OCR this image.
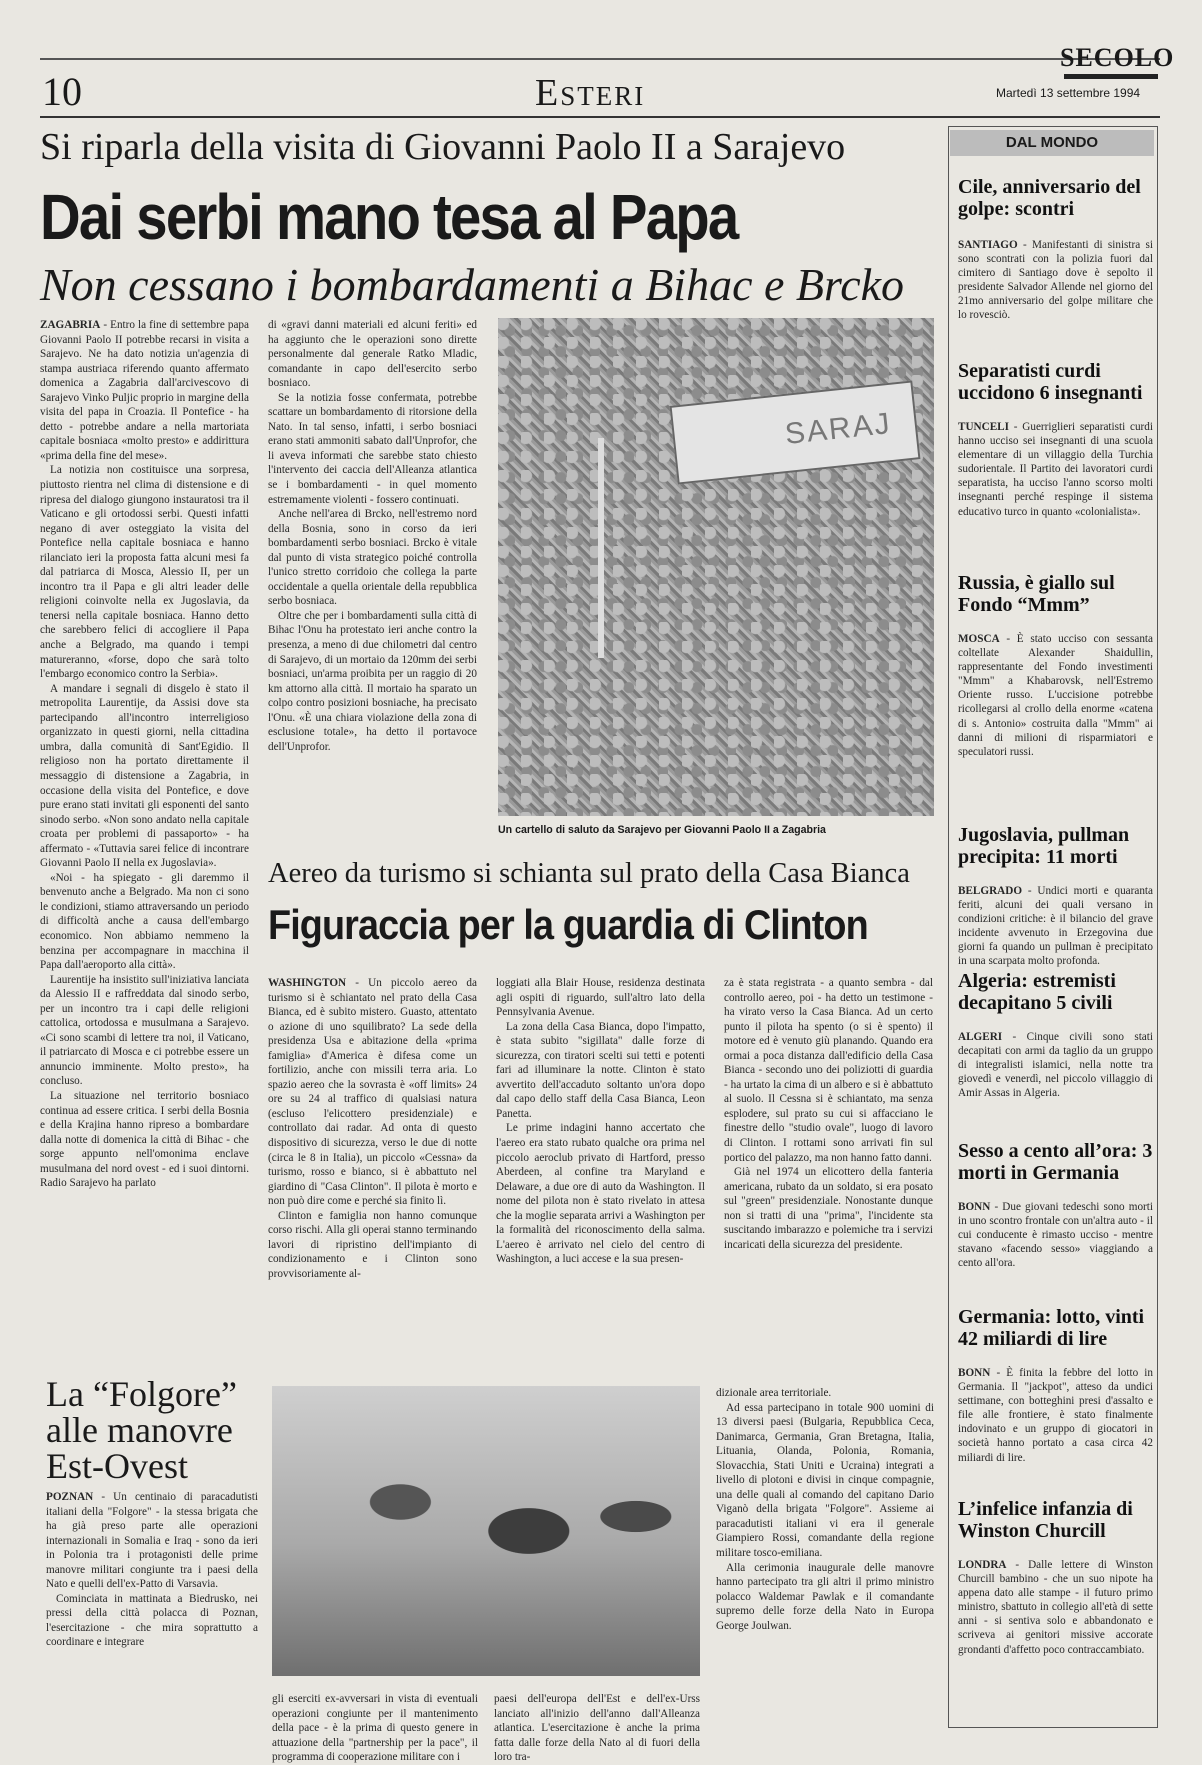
10	Esteri
SECOLO
Martedì 13 settembre 1994
Si riparla della visita di Giovanni Paolo II a Sarajevo
Dai serbi mano tesa al Papa
Non cessano i bombardamenti a Bihac e Brcko

ZAGABRIA - Entro la fine di settembre papa Giovanni Paolo II potrebbe recarsi in visita a Sarajevo. Ne ha dato notizia un'agenzia di stampa austriaca riferendo quanto affermato domenica a Zagabria dall'arcivescovo di Sarajevo Vinko Puljic proprio in margine della visita del papa in Croazia. Il Pontefice - ha detto - potrebbe andare a nella martoriata capitale bosniaca «molto presto» e addirittura «prima della fine del mese».

La notizia non costituisce una sorpresa, piuttosto rientra nel clima di distensione e di ripresa del dialogo giungono instauratosi tra il Vaticano e gli ortodossi serbi. Questi infatti negano di aver osteggiato la visita del Pontefice nella capitale bosniaca e hanno rilanciato ieri la proposta fatta alcuni mesi fa dal patriarca di Mosca, Alessio II, per un incontro tra il Papa e gli altri leader delle religioni coinvolte nella ex Jugoslavia, da tenersi nella capitale bosniaca. Hanno detto che sarebbero felici di accogliere il Papa anche a Belgrado, ma quando i tempi matureranno, «forse, dopo che sarà tolto l'embargo economico contro la Serbia».

A mandare i segnali di disgelo è stato il metropolita Laurentije, da Assisi dove sta partecipando all'incontro interreligioso organizzato in questi giorni, nella cittadina umbra, dalla comunità di Sant'Egidio. Il religioso non ha portato direttamente il messaggio di distensione a Zagabria, in occasione della visita del Pontefice, e dove pure erano stati invitati gli esponenti del santo sinodo serbo. «Non sono andato nella capitale croata per problemi di passaporto» - ha affermato - «Tuttavia sarei felice di incontrare Giovanni Paolo II nella ex Jugoslavia».

«Noi - ha spiegato - gli daremmo il benvenuto anche a Belgrado. Ma non ci sono le condizioni, stiamo attraversando un periodo di difficoltà anche a causa dell'embargo economico. Non abbiamo nemmeno la benzina per accompagnare in macchina il Papa dall'aeroporto alla città».

Laurentije ha insistito sull'iniziativa lanciata da Alessio II e raffreddata dal sinodo serbo, per un incontro tra i capi delle religioni cattolica, ortodossa e musulmana a Sarajevo. «Ci sono scambi di lettere tra noi, il Vaticano, il patriarcato di Mosca e ci potrebbe essere un annuncio imminente. Molto presto», ha concluso.

La situazione nel territorio bosniaco continua ad essere critica. I serbi della Bosnia e della Krajina hanno ripreso a bombardare dalla notte di domenica la città di Bihac - che sorge appunto nell'omonima enclave musulmana del nord ovest - ed i suoi dintorni. Radio Sarajevo ha parlato

di «gravi danni materiali ed alcuni feriti» ed ha aggiunto che le operazioni sono dirette personalmente dal generale Ratko Mladic, comandante in capo dell'esercito serbo bosniaco.

Se la notizia fosse confermata, potrebbe scattare un bombardamento di ritorsione della Nato. In tal senso, infatti, i serbo bosniaci erano stati ammoniti sabato dall'Unprofor, che li aveva informati che sarebbe stato chiesto l'intervento dei caccia dell'Alleanza atlantica se i bombardamenti - in quel momento estremamente violenti - fossero continuati.

Anche nell'area di Brcko, nell'estremo nord della Bosnia, sono in corso da ieri bombardamenti serbo bosniaci. Brcko è vitale dal punto di vista strategico poiché controlla l'unico stretto corridoio che collega la parte occidentale a quella orientale della repubblica serbo bosniaca.

Oltre che per i bombardamenti sulla città di Bihac l'Onu ha protestato ieri anche contro la presenza, a meno di due chilometri dal centro di Sarajevo, di un mortaio da 120mm dei serbi bosniaci, un'arma proibita per un raggio di 20 km attorno alla città. Il mortaio ha sparato un colpo contro posizioni bosniache, ha precisato l'Onu. «È una chiara violazione della zona di esclusione totale», ha detto il portavoce dell'Unprofor.

SARAJ
Un cartello di saluto da Sarajevo per Giovanni Paolo II a Zagabria
Aereo da turismo si schianta sul prato della Casa Bianca
Figuraccia per la guardia di Clinton

WASHINGTON - Un piccolo aereo da turismo si è schiantato nel prato della Casa Bianca, ed è subito mistero. Guasto, attentato o azione di uno squilibrato? La sede della presidenza Usa e abitazione della «prima famiglia» d'America è difesa come un fortilizio, anche con missili terra aria. Lo spazio aereo che la sovrasta è «off limits» 24 ore su 24 al traffico di qualsiasi natura (escluso l'elicottero presidenziale) e controllato dai radar. Ad onta di questo dispositivo di sicurezza, verso le due di notte (circa le 8 in Italia), un piccolo «Cessna» da turismo, rosso e bianco, si è abbattuto nel giardino di "Casa Clinton". Il pilota è morto e non può dire come e perché sia finito lì.

Clinton e famiglia non hanno comunque corso rischi. Alla gli operai stanno terminando lavori di ripristino dell'impianto di condizionamento e i Clinton sono provvisoriamente al-

loggiati alla Blair House, residenza destinata agli ospiti di riguardo, sull'altro lato della Pennsylvania Avenue.

La zona della Casa Bianca, dopo l'impatto, è stata subito "sigillata" dalle forze di sicurezza, con tiratori scelti sui tetti e potenti fari ad illuminare la notte. Clinton è stato avvertito dell'accaduto soltanto un'ora dopo dal capo dello staff della Casa Bianca, Leon Panetta.

Le prime indagini hanno accertato che l'aereo era stato rubato qualche ora prima nel piccolo aeroclub privato di Hartford, presso Aberdeen, al confine tra Maryland e Delaware, a due ore di auto da Washington. Il nome del pilota non è stato rivelato in attesa che la moglie separata arrivi a Washington per la formalità del riconoscimento della salma. L'aereo è arrivato nel cielo del centro di Washington, a luci accese e la sua presen-

za è stata registrata - a quanto sembra - dal controllo aereo, poi - ha detto un testimone - ha virato verso la Casa Bianca. Ad un certo punto il pilota ha spento (o si è spento) il motore ed è venuto giù planando. Quando era ormai a poca distanza dall'edificio della Casa Bianca - secondo uno dei poliziotti di guardia - ha urtato la cima di un albero e si è abbattuto al suolo. Il Cessna si è schiantato, ma senza esplodere, sul prato su cui si affacciano le finestre dello "studio ovale", luogo di lavoro di Clinton. I rottami sono arrivati fin sul portico del palazzo, ma non hanno fatto danni.

Già nel 1974 un elicottero della fanteria americana, rubato da un soldato, si era posato sul "green" presidenziale. Nonostante dunque non si tratti di una "prima", l'incidente sta suscitando imbarazzo e polemiche tra i servizi incaricati della sicurezza del presidente.

La “Folgore” alle manovre Est-Ovest

POZNAN - Un centinaio di paracadutisti italiani della "Folgore" - la stessa brigata che ha già preso parte alle operazioni internazionali in Somalia e Iraq - sono da ieri in Polonia tra i protagonisti delle prime manovre militari congiunte tra i paesi della Nato e quelli dell'ex-Patto di Varsavia.

Cominciata in mattinata a Biedrusko, nei pressi della città polacca di Poznan, l'esercitazione - che mira soprattutto a coordinare e integrare

gli eserciti ex-avversari in vista di eventuali operazioni congiunte per il mantenimento della pace - è la prima di questo genere in attuazione della "partnership per la pace", il programma di cooperazione militare con i

paesi dell'europa dell'Est e dell'ex-Urss lanciato all'inizio dell'anno dall'Alleanza atlantica. L'esercitazione è anche la prima fatta dalle forze della Nato al di fuori della loro tra-

dizionale area territoriale.

Ad essa partecipano in totale 900 uomini di 13 diversi paesi (Bulgaria, Repubblica Ceca, Danimarca, Germania, Gran Bretagna, Italia, Lituania, Olanda, Polonia, Romania, Slovacchia, Stati Uniti e Ucraina) integrati a livello di plotoni e divisi in cinque compagnie, una delle quali al comando del capitano Dario Viganò della brigata "Folgore". Assieme ai paracadutisti italiani vi era il generale Giampiero Rossi, comandante della regione militare tosco-emiliana.

Alla cerimonia inaugurale delle manovre hanno partecipato tra gli altri il primo ministro polacco Waldemar Pawlak e il comandante supremo delle forze della Nato in Europa George Joulwan.

DAL MONDO
Cile, anniversario del golpe: scontri
SANTIAGO - Manifestanti di sinistra si sono scontrati con la polizia fuori dal cimitero di Santiago dove è sepolto il presidente Salvador Allende nel giorno del 21mo anniversario del golpe militare che lo rovesciò.
Separatisti curdi uccidono 6 insegnanti
TUNCELI - Guerriglieri separatisti curdi hanno ucciso sei insegnanti di una scuola elementare di un villaggio della Turchia sudorientale. Il Partito dei lavoratori curdi separatista, ha ucciso l'anno scorso molti insegnanti perché respinge il sistema educativo turco in quanto «colonialista».
Russia, è giallo sul Fondo “Mmm”
MOSCA - È stato ucciso con sessanta coltellate Alexander Shaidullin, rappresentante del Fondo investimenti "Mmm" a Khabarovsk, nell'Estremo Oriente russo. L'uccisione potrebbe ricollegarsi al crollo della enorme «catena di s. Antonio» costruita dalla "Mmm" ai danni di milioni di risparmiatori e speculatori russi.
Jugoslavia, pullman precipita: 11 morti
BELGRADO - Undici morti e quaranta feriti, alcuni dei quali versano in condizioni critiche: è il bilancio del grave incidente avvenuto in Erzegovina due giorni fa quando un pullman è precipitato in una scarpata molto profonda.
Algeria: estremisti decapitano 5 civili
ALGERI - Cinque civili sono stati decapitati con armi da taglio da un gruppo di integralisti islamici, nella notte tra giovedì e venerdì, nel piccolo villaggio di Amir Assas in Algeria.
Sesso a cento all’ora: 3 morti in Germania
BONN - Due giovani tedeschi sono morti in uno scontro frontale con un'altra auto - il cui conducente è rimasto ucciso - mentre stavano «facendo sesso» viaggiando a cento all'ora.
Germania: lotto, vinti 42 miliardi di lire
BONN - È finita la febbre del lotto in Germania. Il "jackpot", atteso da undici settimane, con botteghini presi d'assalto e file alle frontiere, è stato finalmente indovinato e un gruppo di giocatori in società hanno portato a casa circa 42 miliardi di lire.
L’infelice infanzia di Winston Churcill
LONDRA - Dalle lettere di Winston Churcill bambino - che un suo nipote ha appena dato alle stampe - il futuro primo ministro, sbattuto in collegio all'età di sette anni - si sentiva solo e abbandonato e scriveva ai genitori missive accorate grondanti d'affetto poco contraccambiato.
